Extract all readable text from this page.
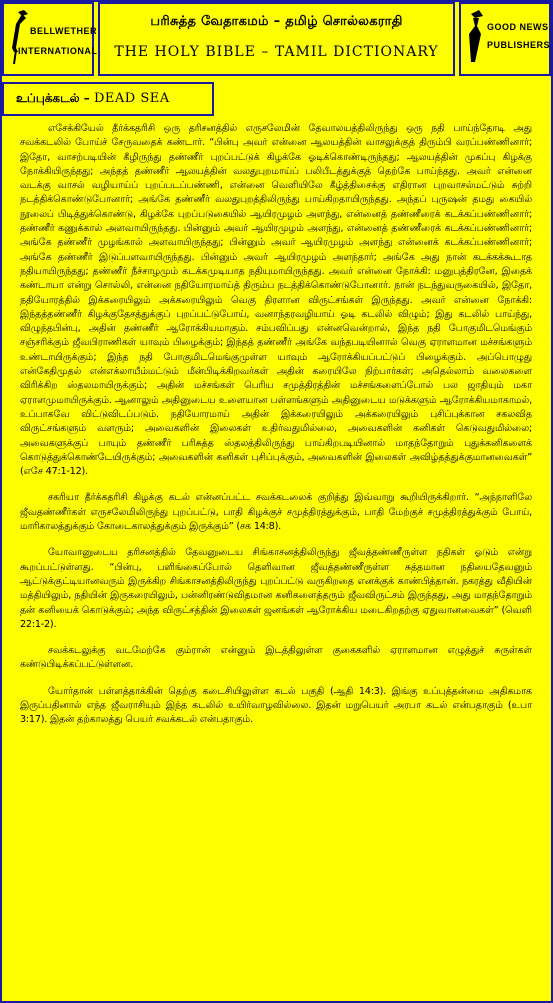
BELLWETHER
INTERNATIONAL
பரிசுத்த வேதாகமம் – தமிழ் சொல்லகராதி
THE HOLY BIBLE – TAMIL DICTIONARY
GOOD NEWS
PUBLISHERS
உப்புக்கடல் – DEAD SEA

எசேக்கியேல் தீர்க்கதரிசி ஒரு தரிசனத்தில் எருசலேமின் தேவாலயத்திலிருந்து ஒரு நதி பாய்ந்தோடி அது சவக்கடலில் போய்ச் சேருவதைக் கண்டார். “பின்பு அவர் என்னை ஆலயத்தின் வாசலுக்குத் திரும்பி வரப்பண்ணினார்; இதோ, வாசற்படியின் கீழிருந்து தண்ணீர் புறப்பட்டுக் கிழக்கே ஓடிக்கொண்டிருந்தது; ஆலயத்தின் முகப்பு கிழக்கு நோக்கியிருந்தது; அந்தத் தண்ணீர் ஆலயத்தின் வலதுபுறமாய்ப் பலிபீடத்துக்குத் தெற்கே பாய்ந்தது. அவர் என்னை வடக்கு வாசல் வழியாய்ப் புறப்படப்பண்ணி, என்னை வெளியிலே கீழ்த்திசைக்கு எதிரான புறவாசல்மட்டும் சுற்றி நடத்திக்கொண்டுபோனார்; அங்கே தண்ணீர் வலதுபுறத்திலிருந்து பாய்கிறதாயிருந்தது. அந்தப் புருஷன் தமது கையில் நூலைப் பிடித்துக்கொண்டு, கிழக்கே புறப்படுகையில் ஆயிரமுழம் அளந்து, என்னைத் தண்ணீரைக் கடக்கப்பண்ணினார்; தண்ணீர் கணுக்கால் அளவாயிருந்தது. பின்னும் அவர் ஆயிரமுழம் அளந்து, என்னைத் தண்ணீரைக் கடக்கப்பண்ணினார்; அங்கே தண்ணீர் முழங்கால் அளவாயிருந்தது; பின்னும் அவர் ஆயிரமுழம் அளந்து என்னைக் கடக்கப்பண்ணினார்; அங்கே தண்ணீர் இடுப்பளவாயிருந்தது. பின்னும் அவர் ஆயிரமுழம் அளந்தார்; அங்கே அது நான் கடக்கக்கூடாத நதியாயிருந்தது; தண்ணீர் நீச்சாழமும் கடக்கமுடியாத நதியுமாயிருந்தது. அவர் என்னை நோக்கி: மனுபுத்திரனே, இதைக் கண்டாயா என்று சொல்லி, என்னை நதியோரமாய்த் திரும்ப நடத்திக்கொண்டுபோனார். நான் நடந்துவருகையில், இதோ, நதியோரத்தில் இக்கரையிலும் அக்கரையிலும் வெகு திரளான விருட்சங்கள் இருந்தது. அவர் என்னை நோக்கி: இந்தத்தண்ணீர் கிழக்குதேசத்துக்குப் புறப்பட்டுபோய், வனாந்தரவழியாய் ஓடி கடலில் விழும்; இது கடலில் பாய்ந்து, விழுந்தபின்பு, அதின் தண்ணீர் ஆரோக்கியமாகும். சம்பவிப்பது என்னவென்றால், இந்த நதி போகுமிடமெங்கும் சஞ்சரிக்கும் ஜீவபிராணிகள் யாவும் பிழைக்கும்; இந்தத் தண்ணீர் அங்கே வந்தபடியினால் வெகு ஏராளமான மச்சங்களும் உண்டாயிருக்கும்; இந்த நதி போகுமிடமெங்குமுள்ள யாவும் ஆரோக்கியப்பட்டுப் பிழைக்கும். அப்பொழுது என்கேதிமுதல் என்எக்லாயீம்மட்டும் மீன்பிடிக்கிறவர்கள் அதின் கரையிலே நிற்பார்கள்; அதெல்லாம் வலைகளை விரிக்கிற ஸ்தலமாயிருக்கும்; அதின் மச்சங்கள் பெரிய சமுத்திரத்தின் மச்சங்களைப்போல் பல ஜாதியும் மகா ஏராளமுமாயிருக்கும். ஆனாலும் அதினுடைய உளையான பள்ளங்களும் அதினுடைய மடுக்களும் ஆரோக்கியமாகாமல், உப்பாகவே விட்டுவிடப்படும். நதியோரமாய் அதின் இக்கரையிலும் அக்கரையிலும் புசிப்புக்கான சகலவித விருட்சங்களும் வளரும்; அவைகளின் இலைகள் உதிர்வதுமில்லை, அவைகளின் கனிகள் கெடுவதுமில்லை; அவைகளுக்குப் பாயும் தண்ணீர் பரிசுத்த ஸ்தலத்திலிருந்து பாய்கிறபடியினால் மாதந்தோறும் புதுக்கனிகளைக் கொடுத்துக்கொண்டேயிருக்கும்; அவைகளின் கனிகள் புசிப்புக்கும், அவைகளின் இலைகள் அவிழ்தத்துக்குமானவைகள்” (எசே 47:1-12).

சகரியா தீர்க்கதரிசி கிழக்கு கடல் என்னப்பட்ட சவக்கடலைக் குறித்து இவ்வாறு கூறியிருக்கிறார். “அந்நாளிலே ஜீவதண்ணீர்கள் எருசலேமிலிருந்து புறப்பட்டு, பாதி கிழக்குச் சமுத்திரத்துக்கும், பாதி மேற்குச் சமுத்திரத்துக்கும் போய், மாரிகாலத்துக்கும் கோடைகாலத்துக்கும் இருக்கும்” (சக 14:8).

யோவானுடைய தரிசனத்தில் தேவனுடைய சிங்காசனத்திலிருந்து ஜீவத்தண்ணீருள்ள நதிகள் ஓடும் என்று கூறப்பட்டுள்ளது. “பின்பு, பளிங்கைப்போல் தெளிவான ஜீவத்தண்ணீருள்ள சுத்தமான நதியைதேவனும் ஆட்டுக்குட்டியானவரும் இருக்கிற சிங்காசனத்திலிருந்து புறப்பட்டு வருகிறதை எனக்குக் காண்பித்தான். நகரத்து வீதியின் மத்தியிலும், நதியின் இருகரையிலும், பன்னிரண்டுவிதமான கனிகளைத்தரும் ஜீவவிருட்சம் இருந்தது, அது மாதந்தோறும் தன் கனியைக் கொடுக்கும்; அந்த விருட்சத்தின் இலைகள் ஜனங்கள் ஆரோக்கிய மடைகிறதற்கு ஏதுவானவைகள்” (வெளி 22:1-2).

சவக்கடலுக்கு வடமேற்கே கும்ரான் என்னும் இடத்திலுள்ள குகைகளில் ஏராளமான எழுத்துச் சுருள்கள் கண்டுபிடிக்கப்பட்டுள்ளன.

யோர்தான் பள்ளத்தாக்கின் தெற்கு கடைசியிலுள்ள கடல் பகுதி (ஆதி 14:3). இங்கு உப்புத்தன்மை அதிகமாக இருப்பதினால் எந்த ஜீவராசியும் இந்த கடலில் உயிர்வாழவில்லை. இதன் மறுபெயர் அரபா கடல் என்பதாகும் (உபா 3:17). இதன் தற்காலத்து பெயர் சவக்கடல் என்பதாகும்.
